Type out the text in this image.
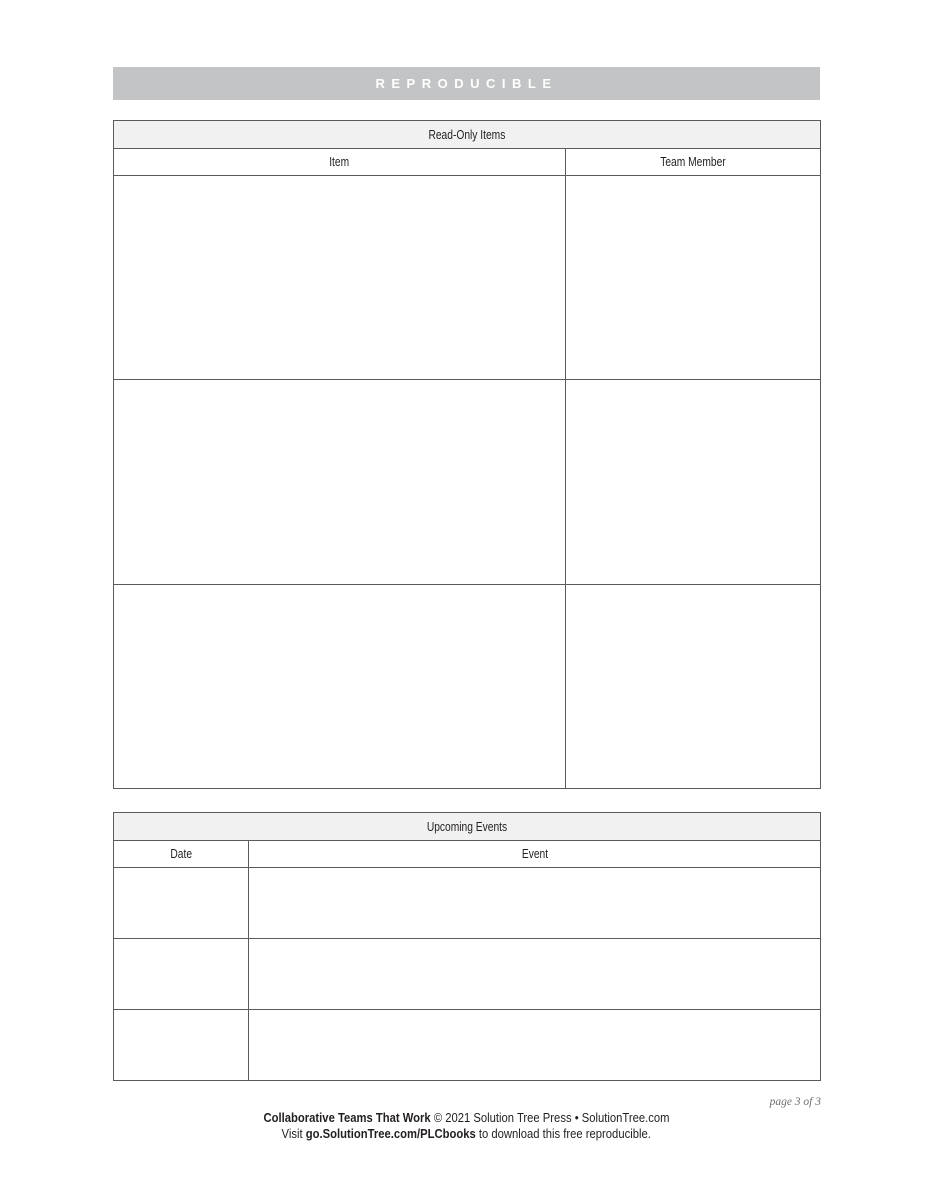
REPRODUCIBLE
Read-Only Items	
Item	Team Member

Upcoming Events	
Date	Event

page 3 of 3
Collaborative Teams That Work © 2021 Solution Tree Press • SolutionTree.com
Visit go.SolutionTree.com/PLCbooks to download this free reproducible.
